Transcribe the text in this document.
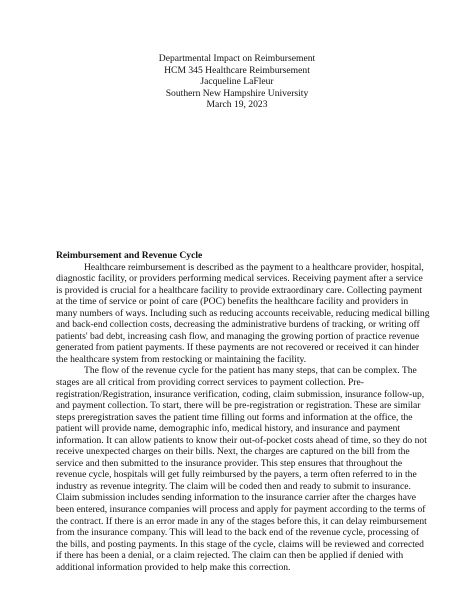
Departmental Impact on Reimbursement
HCM 345 Healthcare Reimbursement
Jacqueline LaFleur
Southern New Hampshire University
March 19, 2023
Reimbursement and Revenue Cycle
Healthcare reimbursement is described as the payment to a healthcare provider, hospital,
diagnostic facility, or providers performing medical services. Receiving payment after a service
is provided is crucial for a healthcare facility to provide extraordinary care. Collecting payment
at the time of service or point of care (POC) benefits the healthcare facility and providers in
many numbers of ways. Including such as reducing accounts receivable, reducing medical billing
and back-end collection costs, decreasing the administrative burdens of tracking, or writing off
patients' bad debt, increasing cash flow, and managing the growing portion of practice revenue
generated from patient payments. If these payments are not recovered or received it can hinder
the healthcare system from restocking or maintaining the facility.
The flow of the revenue cycle for the patient has many steps, that can be complex. The
stages are all critical from providing correct services to payment collection. Pre-
registration/Registration, insurance verification, coding, claim submission, insurance follow-up,
and payment collection. To start, there will be pre-registration or registration. These are similar
steps preregistration saves the patient time filling out forms and information at the office, the
patient will provide name, demographic info, medical history, and insurance and payment
information. It can allow patients to know their out-of-pocket costs ahead of time, so they do not
receive unexpected charges on their bills. Next, the charges are captured on the bill from the
service and then submitted to the insurance provider. This step ensures that throughout the
revenue cycle, hospitals will get fully reimbursed by the payers, a term often referred to in the
industry as revenue integrity. The claim will be coded then and ready to submit to insurance.
Claim submission includes sending information to the insurance carrier after the charges have
been entered, insurance companies will process and apply for payment according to the terms of
the contract. If there is an error made in any of the stages before this, it can delay reimbursement
from the insurance company. This will lead to the back end of the revenue cycle, processing of
the bills, and posting payments. In this stage of the cycle, claims will be reviewed and corrected
if there has been a denial, or a claim rejected. The claim can then be applied if denied with
additional information provided to help make this correction.
